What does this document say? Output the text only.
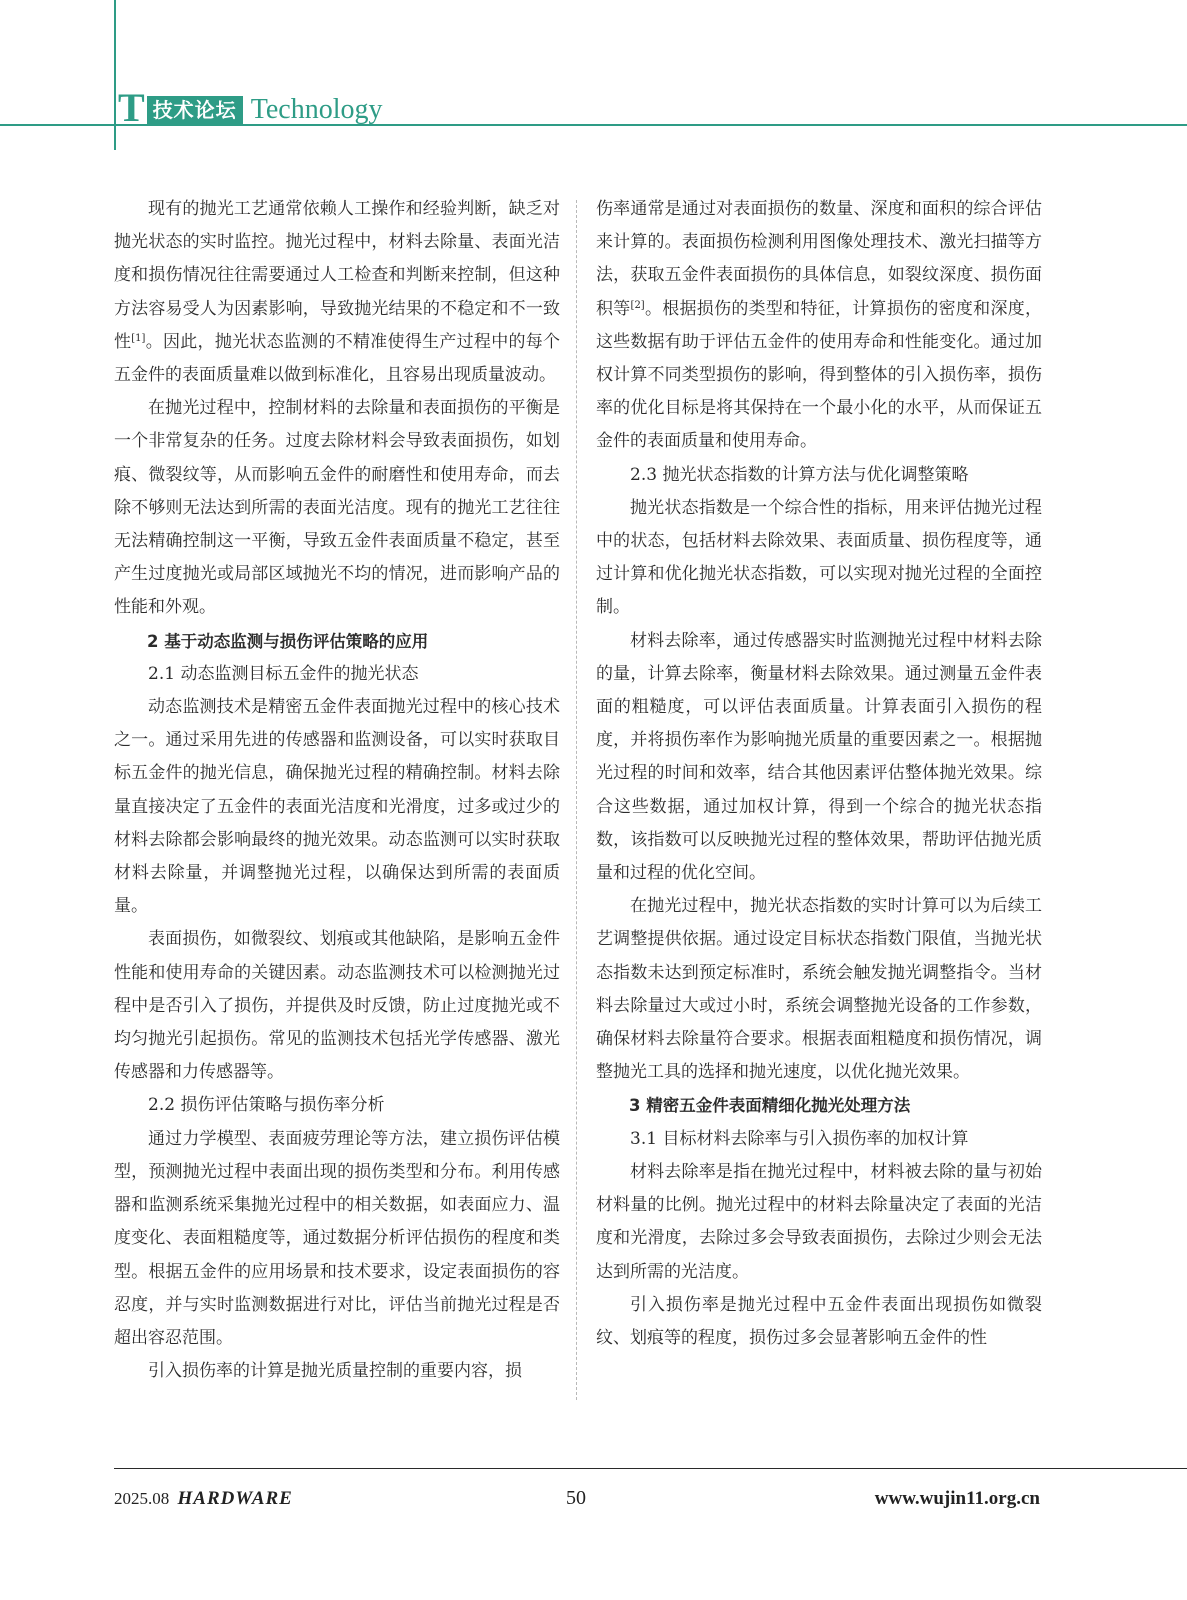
T 技术论坛 Technology

现有的抛光工艺通常依赖人工操作和经验判断，缺乏对抛光状态的实时监控。抛光过程中，材料去除量、表面光洁度和损伤情况往往需要通过人工检查和判断来控制，但这种方法容易受人为因素影响，导致抛光结果的不稳定和不一致性[1]。因此，抛光状态监测的不精准使得生产过程中的每个五金件的表面质量难以做到标准化，且容易出现质量波动。

在抛光过程中，控制材料的去除量和表面损伤的平衡是一个非常复杂的任务。过度去除材料会导致表面损伤，如划痕、微裂纹等，从而影响五金件的耐磨性和使用寿命，而去除不够则无法达到所需的表面光洁度。现有的抛光工艺往往无法精确控制这一平衡，导致五金件表面质量不稳定，甚至产生过度抛光或局部区域抛光不均的情况，进而影响产品的性能和外观。

2 基于动态监测与损伤评估策略的应用

2.1 动态监测目标五金件的抛光状态

动态监测技术是精密五金件表面抛光过程中的核心技术之一。通过采用先进的传感器和监测设备，可以实时获取目标五金件的抛光信息，确保抛光过程的精确控制。材料去除量直接决定了五金件的表面光洁度和光滑度，过多或过少的材料去除都会影响最终的抛光效果。动态监测可以实时获取材料去除量，并调整抛光过程，以确保达到所需的表面质量。

表面损伤，如微裂纹、划痕或其他缺陷，是影响五金件性能和使用寿命的关键因素。动态监测技术可以检测抛光过程中是否引入了损伤，并提供及时反馈，防止过度抛光或不均匀抛光引起损伤。常见的监测技术包括光学传感器、激光传感器和力传感器等。

2.2 损伤评估策略与损伤率分析

通过力学模型、表面疲劳理论等方法，建立损伤评估模型，预测抛光过程中表面出现的损伤类型和分布。利用传感器和监测系统采集抛光过程中的相关数据，如表面应力、温度变化、表面粗糙度等，通过数据分析评估损伤的程度和类型。根据五金件的应用场景和技术要求，设定表面损伤的容忍度，并与实时监测数据进行对比，评估当前抛光过程是否超出容忍范围。

引入损伤率的计算是抛光质量控制的重要内容，损

伤率通常是通过对表面损伤的数量、深度和面积的综合评估来计算的。表面损伤检测利用图像处理技术、激光扫描等方法，获取五金件表面损伤的具体信息，如裂纹深度、损伤面积等[2]。根据损伤的类型和特征，计算损伤的密度和深度，这些数据有助于评估五金件的使用寿命和性能变化。通过加权计算不同类型损伤的影响，得到整体的引入损伤率，损伤率的优化目标是将其保持在一个最小化的水平，从而保证五金件的表面质量和使用寿命。

2.3 抛光状态指数的计算方法与优化调整策略

抛光状态指数是一个综合性的指标，用来评估抛光过程中的状态，包括材料去除效果、表面质量、损伤程度等，通过计算和优化抛光状态指数，可以实现对抛光过程的全面控制。

材料去除率，通过传感器实时监测抛光过程中材料去除的量，计算去除率，衡量材料去除效果。通过测量五金件表面的粗糙度，可以评估表面质量。计算表面引入损伤的程度，并将损伤率作为影响抛光质量的重要因素之一。根据抛光过程的时间和效率，结合其他因素评估整体抛光效果。综合这些数据，通过加权计算，得到一个综合的抛光状态指数，该指数可以反映抛光过程的整体效果，帮助评估抛光质量和过程的优化空间。

在抛光过程中，抛光状态指数的实时计算可以为后续工艺调整提供依据。通过设定目标状态指数门限值，当抛光状态指数未达到预定标准时，系统会触发抛光调整指令。当材料去除量过大或过小时，系统会调整抛光设备的工作参数，确保材料去除量符合要求。根据表面粗糙度和损伤情况，调整抛光工具的选择和抛光速度，以优化抛光效果。

3 精密五金件表面精细化抛光处理方法

3.1 目标材料去除率与引入损伤率的加权计算

材料去除率是指在抛光过程中，材料被去除的量与初始材料量的比例。抛光过程中的材料去除量决定了表面的光洁度和光滑度，去除过多会导致表面损伤，去除过少则会无法达到所需的光洁度。

引入损伤率是抛光过程中五金件表面出现损伤如微裂纹、划痕等的程度，损伤过多会显著影响五金件的性

2025.08 HARDWARE	50	www.wujin11.org.cn
